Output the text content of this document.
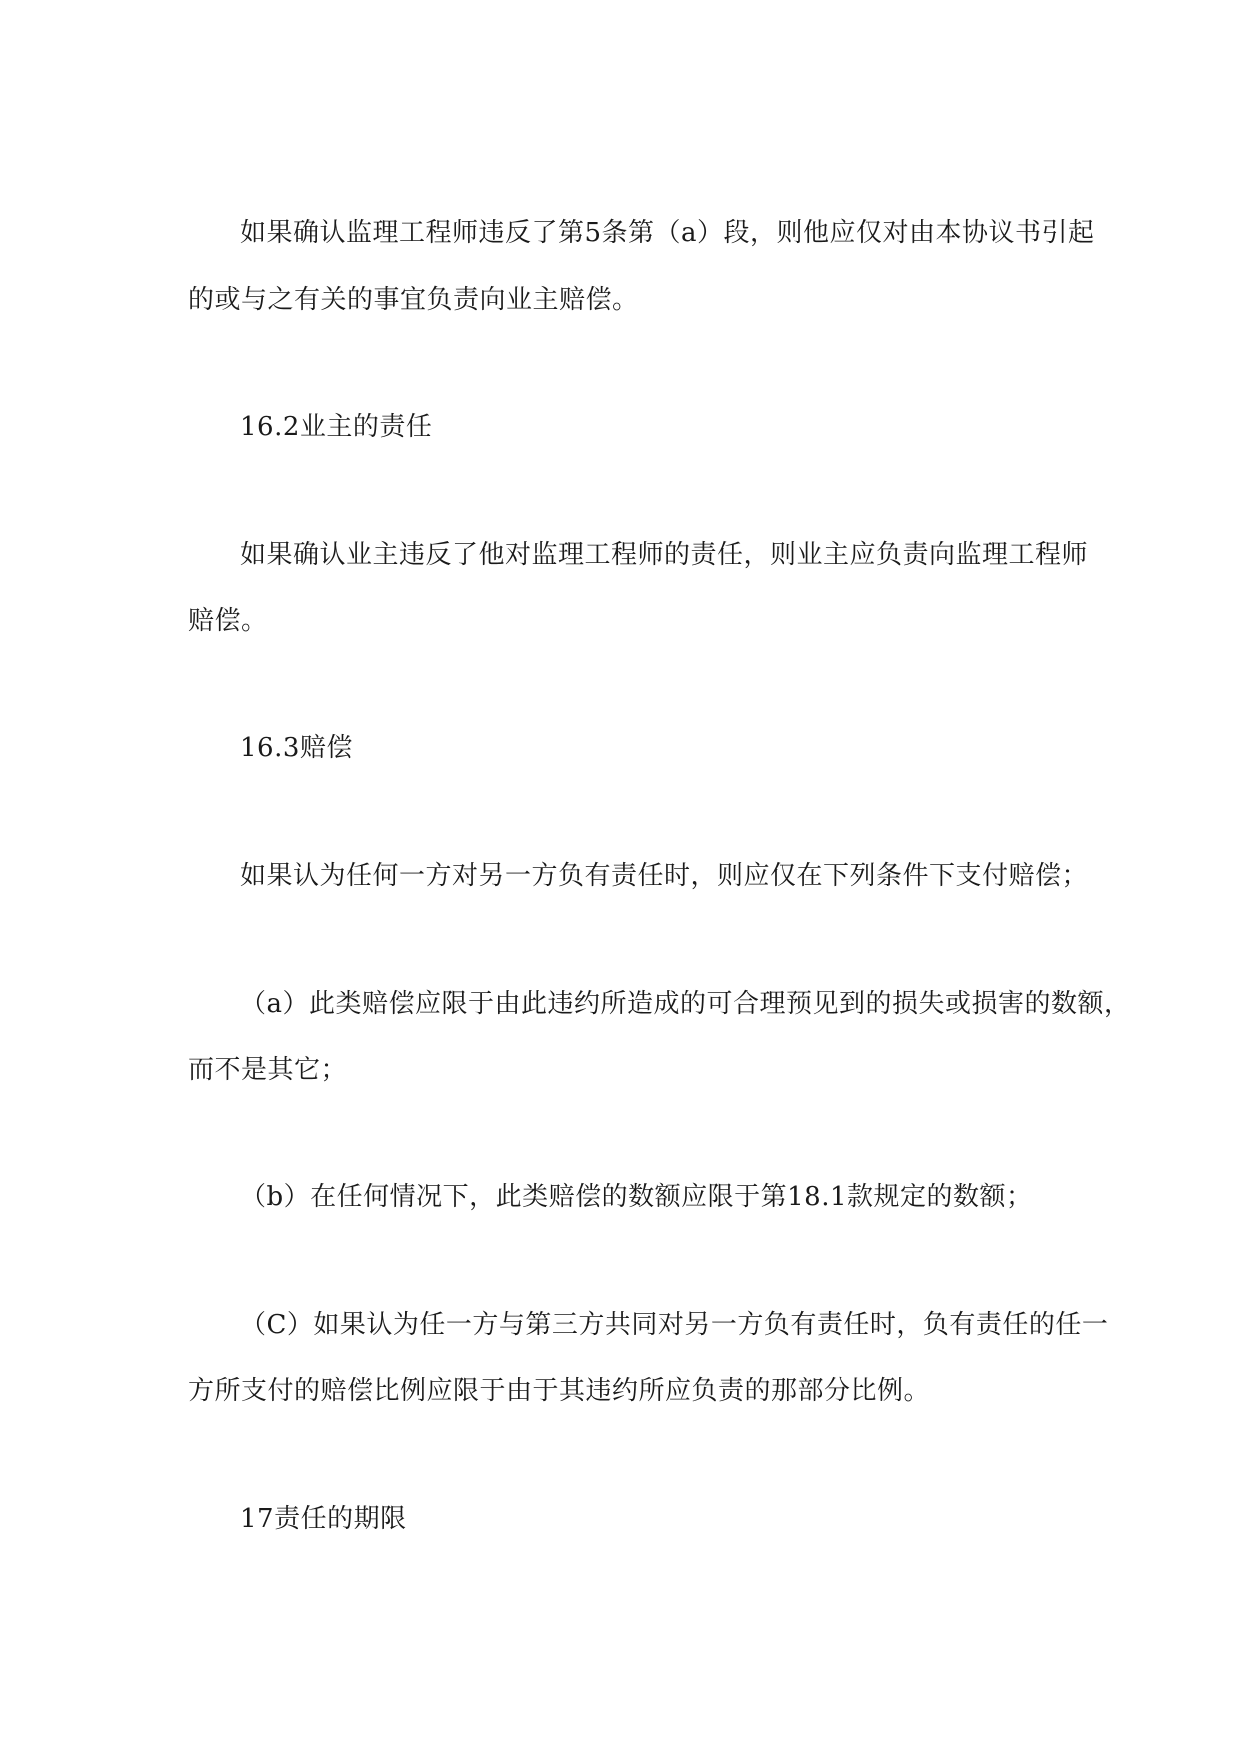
如果确认监理工程师违反了第5条第（a）段，则他应仅对由本协议书引起
的或与之有关的事宜负责向业主赔偿。
16.2业主的责任
如果确认业主违反了他对监理工程师的责任，则业主应负责向监理工程师
赔偿。
16.3赔偿
如果认为任何一方对另一方负有责任时，则应仅在下列条件下支付赔偿；
（a）此类赔偿应限于由此违约所造成的可合理预见到的损失或损害的数额，
而不是其它；
（b）在任何情况下，此类赔偿的数额应限于第18.1款规定的数额；
（C）如果认为任一方与第三方共同对另一方负有责任时，负有责任的任一
方所支付的赔偿比例应限于由于其违约所应负责的那部分比例。
17责任的期限
